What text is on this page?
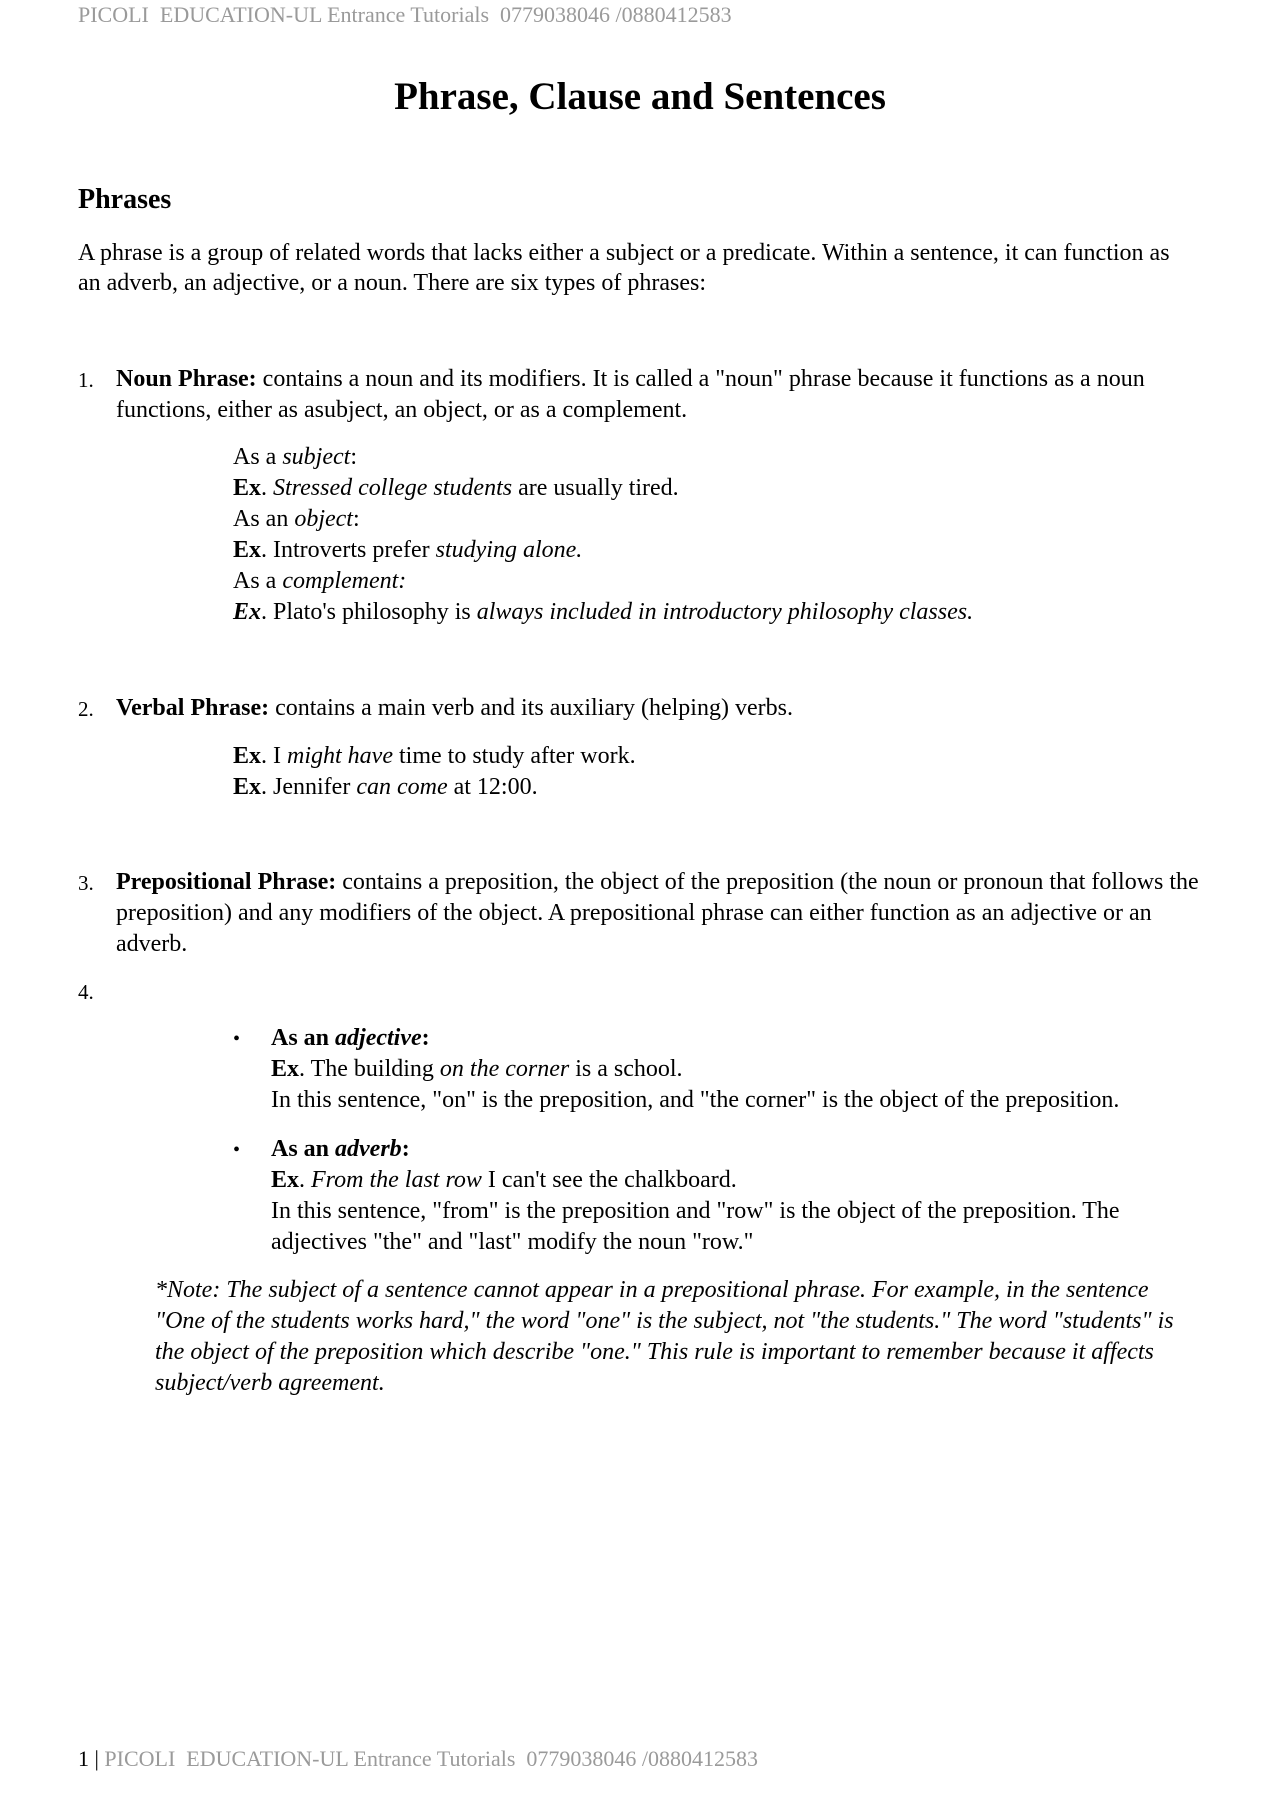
PICOLI  EDUCATION-UL Entrance Tutorials  0779038046 /0880412583
Phrase, Clause and Sentences
Phrases
A phrase is a group of related words that lacks either a subject or a predicate. Within a sentence, it can function as an adverb, an adjective, or a noun. There are six types of phrases:
1. Noun Phrase: contains a noun and its modifiers. It is called a "noun" phrase because it functions as a noun functions, either as asubject, an object, or as a complement.
As a subject:
Ex. Stressed college students are usually tired.
As an object:
Ex. Introverts prefer studying alone.
As a complement:
Ex. Plato's philosophy is always included in introductory philosophy classes.
2. Verbal Phrase: contains a main verb and its auxiliary (helping) verbs.
Ex. I might have time to study after work.
Ex. Jennifer can come at 12:00.
3. Prepositional Phrase: contains a preposition, the object of the preposition (the noun or pronoun that follows the preposition) and any modifiers of the object. A prepositional phrase can either function as an adjective or an adverb.
4.
• As an adjective:
Ex. The building on the corner is a school.
In this sentence, "on" is the preposition, and "the corner" is the object of the preposition.
• As an adverb:
Ex. From the last row I can't see the chalkboard.
In this sentence, "from" is the preposition and "row" is the object of the preposition. The adjectives "the" and "last" modify the noun "row."
*Note: The subject of a sentence cannot appear in a prepositional phrase. For example, in the sentence "One of the students works hard," the word "one" is the subject, not "the students." The word "students" is the object of the preposition which describe "one." This rule is important to remember because it affects subject/verb agreement.
1 | PICOLI  EDUCATION-UL Entrance Tutorials  0779038046 /0880412583
